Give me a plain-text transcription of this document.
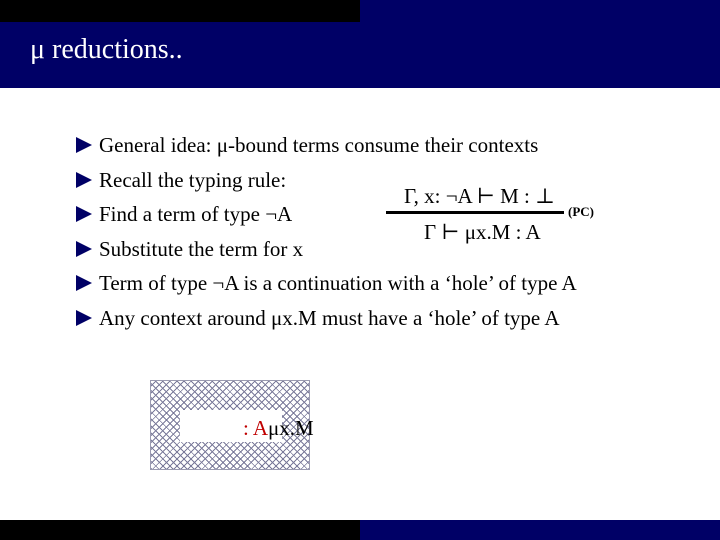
μ reductions..
General idea: μ-bound terms consume their contexts
Recall the typing rule:
Find a term of type ¬A
Substitute the term for x
Term of type ¬A is a continuation with a ‘hole’ of type A
Any context around μx.M must have a ‘hole’ of type A
Γ, x: ¬A ⊢ M : ⊥
(PC)
Γ ⊢ μx.M : A
: A μx.M
